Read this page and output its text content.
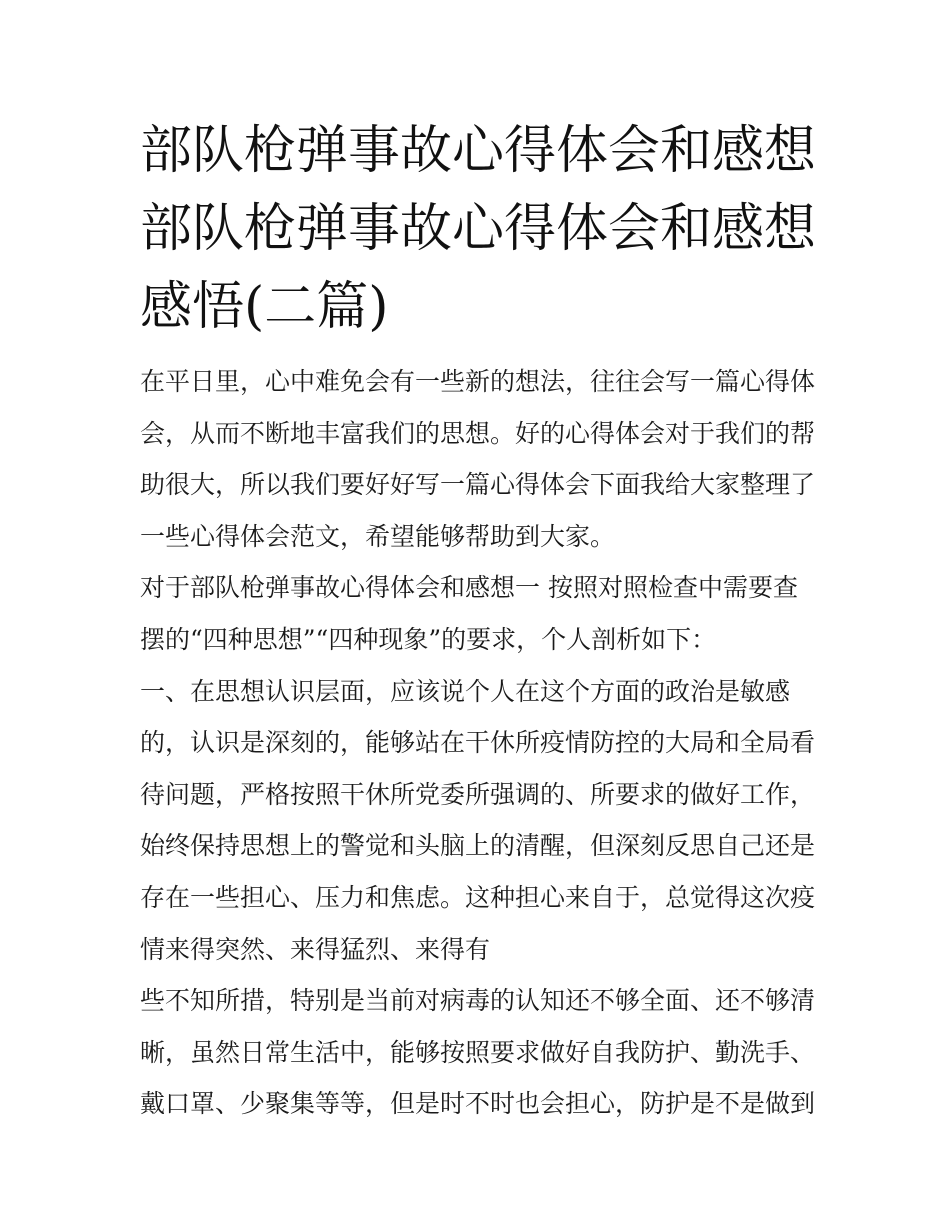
部队枪弹事故心得体会和感想
部队枪弹事故心得体会和感想
感悟(二篇)
在平日里，心中难免会有一些新的想法，往往会写一篇心得体
会，从而不断地丰富我们的思想。好的心得体会对于我们的帮
助很大，所以我们要好好写一篇心得体会下面我给大家整理了
一些心得体会范文，希望能够帮助到大家。
对于部队枪弹事故心得体会和感想一 按照对照检查中需要查
摆的“四种思想”“四种现象”的要求，个人剖析如下：
一、在思想认识层面，应该说个人在这个方面的政治是敏感
的，认识是深刻的，能够站在干休所疫情防控的大局和全局看
待问题，严格按照干休所党委所强调的、所要求的做好工作，
始终保持思想上的警觉和头脑上的清醒，但深刻反思自己还是
存在一些担心、压力和焦虑。这种担心来自于，总觉得这次疫
情来得突然、来得猛烈、来得有
些不知所措，特别是当前对病毒的认知还不够全面、还不够清
晰，虽然日常生活中，能够按照要求做好自我防护、勤洗手、
戴口罩、少聚集等等，但是时不时也会担心，防护是不是做到
